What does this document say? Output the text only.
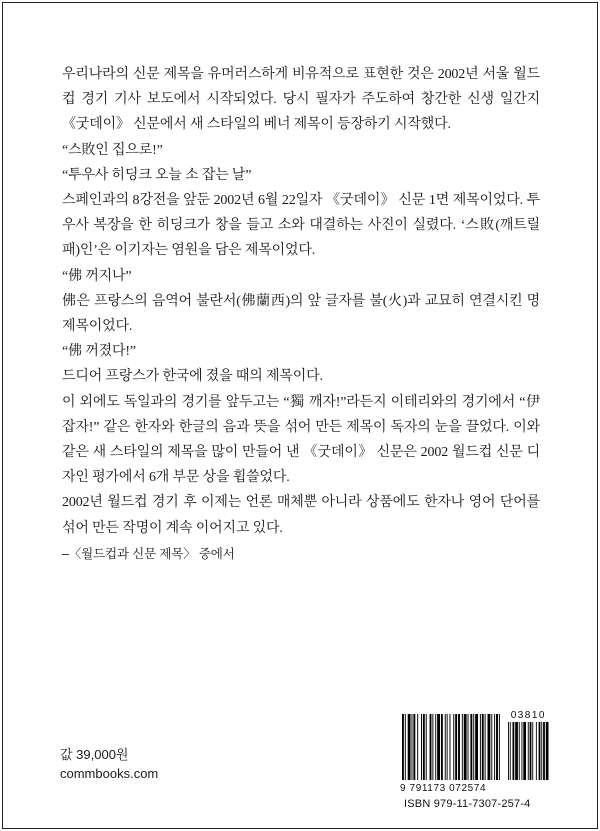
우리나라의 신문 제목을 유머러스하게 비유적으로 표현한 것은 2002년 서울 월드컵 경기 기사 보도에서 시작되었다. 당시 필자가 주도하여 창간한 신생 일간지 《굿데이》 신문에서 새 스타일의 베너 제목이 등장하기 시작했다.

“스敗인 집으로!”

“투우사 히딩크 오늘 소 잡는 날”

스페인과의 8강전을 앞둔 2002년 6월 22일자 《굿데이》 신문 1면 제목이었다. 투우사 복장을 한 히딩크가 창을 들고 소와 대결하는 사진이 실렸다. ‘스敗(깨트릴 패)인’은 이기자는 염원을 담은 제목이었다.

“佛 꺼지나”

佛은 프랑스의 음역어 불란서(佛蘭西)의 앞 글자를 불(火)과 교묘히 연결시킨 명 제목이었다.

“佛 꺼졌다!”

드디어 프랑스가 한국에 졌을 때의 제목이다.

이 외에도 독일과의 경기를 앞두고는 “獨 깨자!”라든지 이테리와의 경기에서 “伊 잡자!” 같은 한자와 한글의 음과 뜻을 섞어 만든 제목이 독자의 눈을 끌었다. 이와 같은 새 스타일의 제목을 많이 만들어 낸 《굿데이》 신문은 2002 월드컵 신문 디자인 평가에서 6개 부문 상을 휩쓸었다.

2002년 월드컵 경기 후 이제는 언론 매체뿐 아니라 상품에도 한자나 영어 단어를 섞어 만든 작명이 계속 이어지고 있다.

–〈월드컵과 신문 제목〉 중에서

값 39,000원
commbooks.com
03810
9 791173 072574
ISBN 979-11-7307-257-4
